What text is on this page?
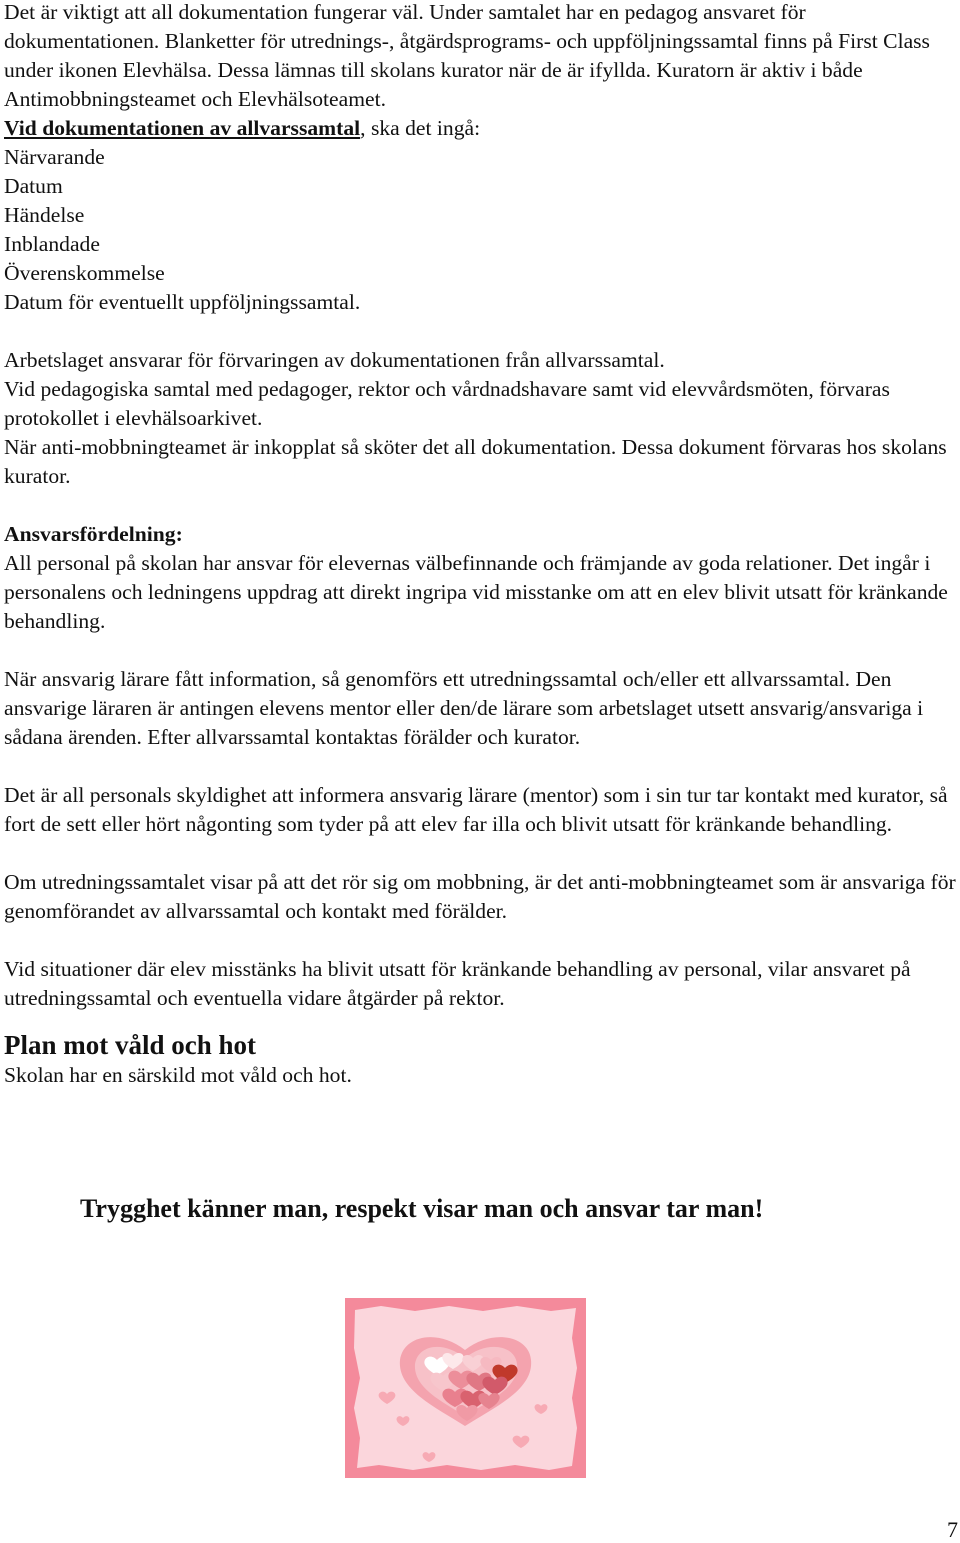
Det är viktigt att all dokumentation fungerar väl. Under samtalet har en pedagog ansvaret för dokumentationen. Blanketter för utrednings-, åtgärdsprograms- och uppföljningssamtal finns på First Class under ikonen Elevhälsa. Dessa lämnas till skolans kurator när de är ifyllda. Kuratorn är aktiv i både Antimobbningsteamet och Elevhälsoteamet.

Vid dokumentationen av allvarssamtal, ska det ingå:

Närvarande

Datum

Händelse

Inblandade

Överenskommelse

Datum för eventuellt uppföljningssamtal.

Arbetslaget ansvarar för förvaringen av dokumentationen från allvarssamtal.

Vid pedagogiska samtal med pedagoger, rektor och vårdnadshavare samt vid elevvårdsmöten, förvaras protokollet i elevhälsoarkivet.

När anti-mobbningteamet är inkopplat så sköter det all dokumentation. Dessa dokument förvaras hos skolans kurator.

Ansvarsfördelning:

All personal på skolan har ansvar för elevernas välbefinnande och främjande av goda relationer. Det ingår i personalens och ledningens uppdrag att direkt ingripa vid misstanke om att en elev blivit utsatt för kränkande behandling.

När ansvarig lärare fått information, så genomförs ett utredningssamtal och/eller ett allvarssamtal. Den ansvarige läraren är antingen elevens mentor eller den/de lärare som arbetslaget utsett ansvarig/ansvariga i sådana ärenden. Efter allvarssamtal kontaktas förälder och kurator.

Det är all personals skyldighet att informera ansvarig lärare (mentor) som i sin tur tar kontakt med kurator, så fort de sett eller hört någonting som tyder på att elev far illa och blivit utsatt för kränkande behandling.

Om utredningssamtalet visar på att det rör sig om mobbning, är det anti-mobbningteamet som är ansvariga för genomförandet av allvarssamtal och kontakt med förälder.

Vid situationer där elev misstänks ha blivit utsatt för kränkande behandling av personal, vilar ansvaret på utredningssamtal och eventuella vidare åtgärder på rektor.

Plan mot våld och hot

Skolan har en särskild mot våld och hot.

Trygghet känner man, respekt visar man och ansvar tar man!
7
